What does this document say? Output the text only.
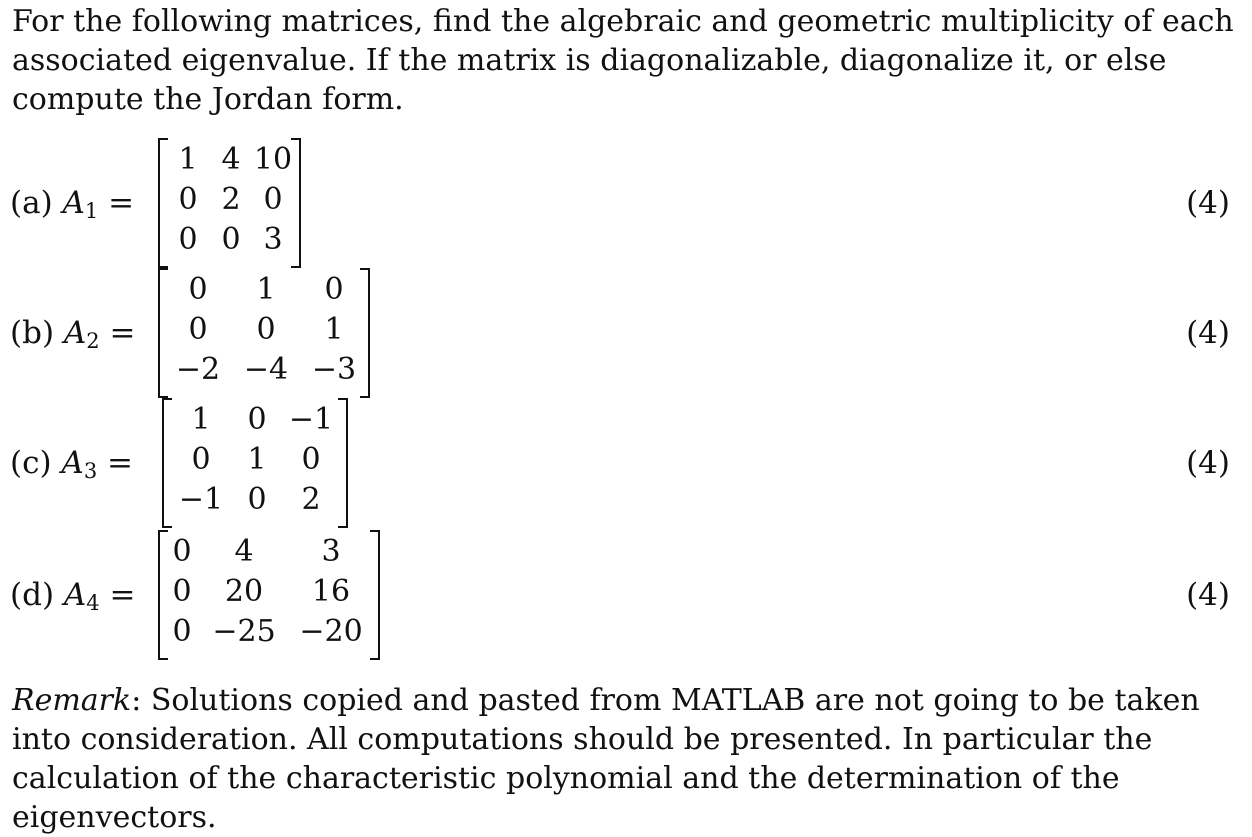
For the following matrices, find the algebraic and geometric multiplicity of each associated eigenvalue. If the matrix is diagonalizable, diagonalize it, or else compute the Jordan form.
(a) A1 =
1 4 10
0 2 0
0 0 3
(4)
(b) A2 =
0	1	0
0	0	1
−2 −4 −3
(4)
(c) A3 =
1	0 −1
0	1	0
−1 0	2
(4)
(d) A4 =
0	4	3
0	20	16
0 −25 −20
(4)
Remark: Solutions copied and pasted from MATLAB are not going to be taken into consideration. All computations should be presented. In particular the calculation of the characteristic polynomial and the determination of the eigenvectors.
